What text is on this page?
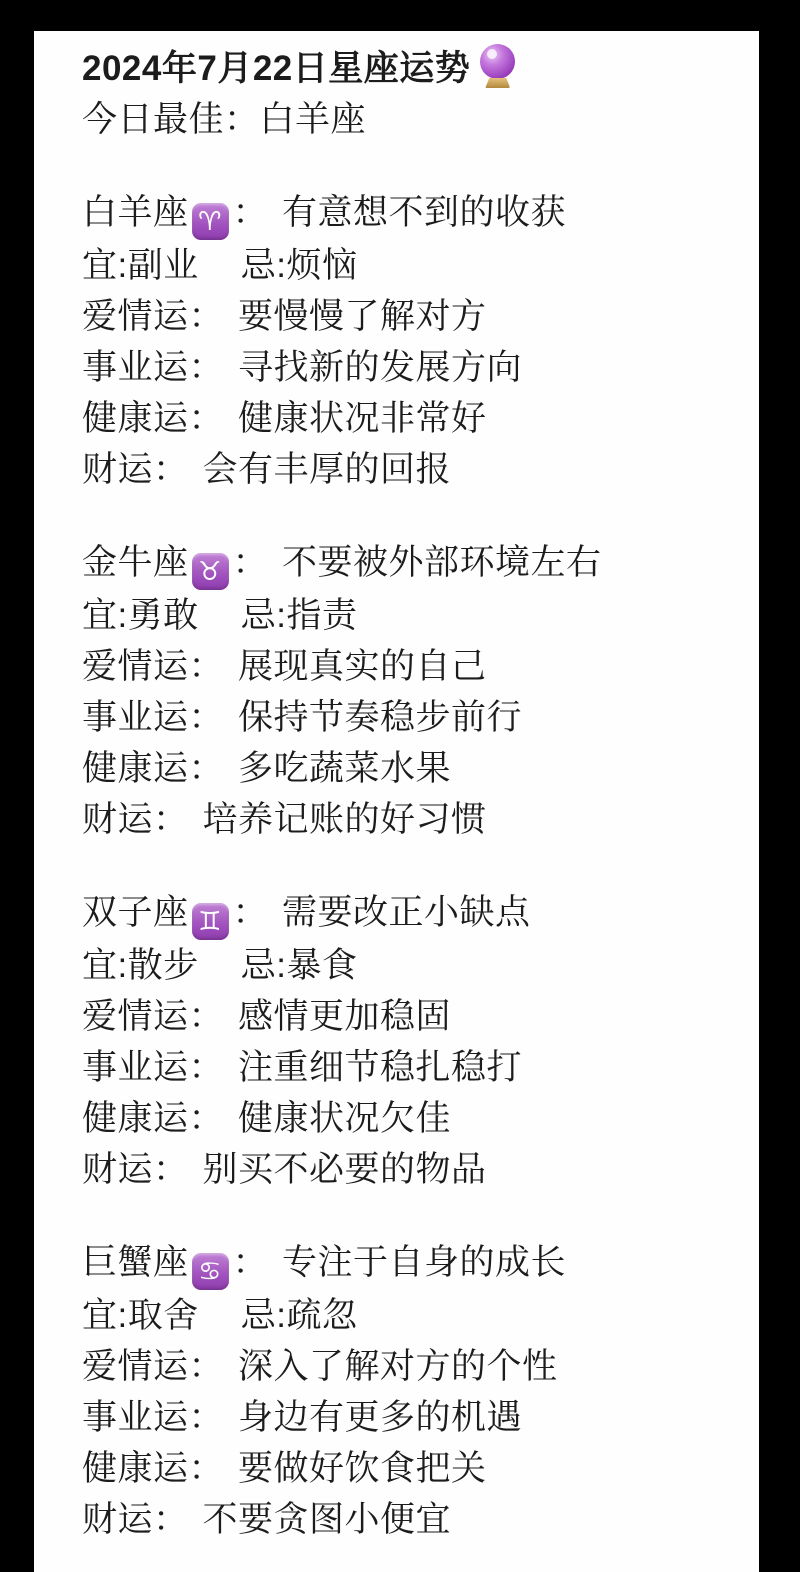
2024年7月22日星座运势
今日最佳：白羊座
白羊座 ♈ ： 有意想不到的收获
宜:副业 忌:烦恼
爱情运： 要慢慢了解对方
事业运： 寻找新的发展方向
健康运： 健康状况非常好
财运： 会有丰厚的回报
金牛座 ♉ ： 不要被外部环境左右
宜:勇敢 忌:指责
爱情运： 展现真实的自己
事业运： 保持节奏稳步前行
健康运： 多吃蔬菜水果
财运： 培养记账的好习惯
双子座 ♊ ： 需要改正小缺点
宜:散步 忌:暴食
爱情运： 感情更加稳固
事业运： 注重细节稳扎稳打
健康运： 健康状况欠佳
财运： 别买不必要的物品
巨蟹座 ♋ ： 专注于自身的成长
宜:取舍 忌:疏忽
爱情运： 深入了解对方的个性
事业运： 身边有更多的机遇
健康运： 要做好饮食把关
财运： 不要贪图小便宜
